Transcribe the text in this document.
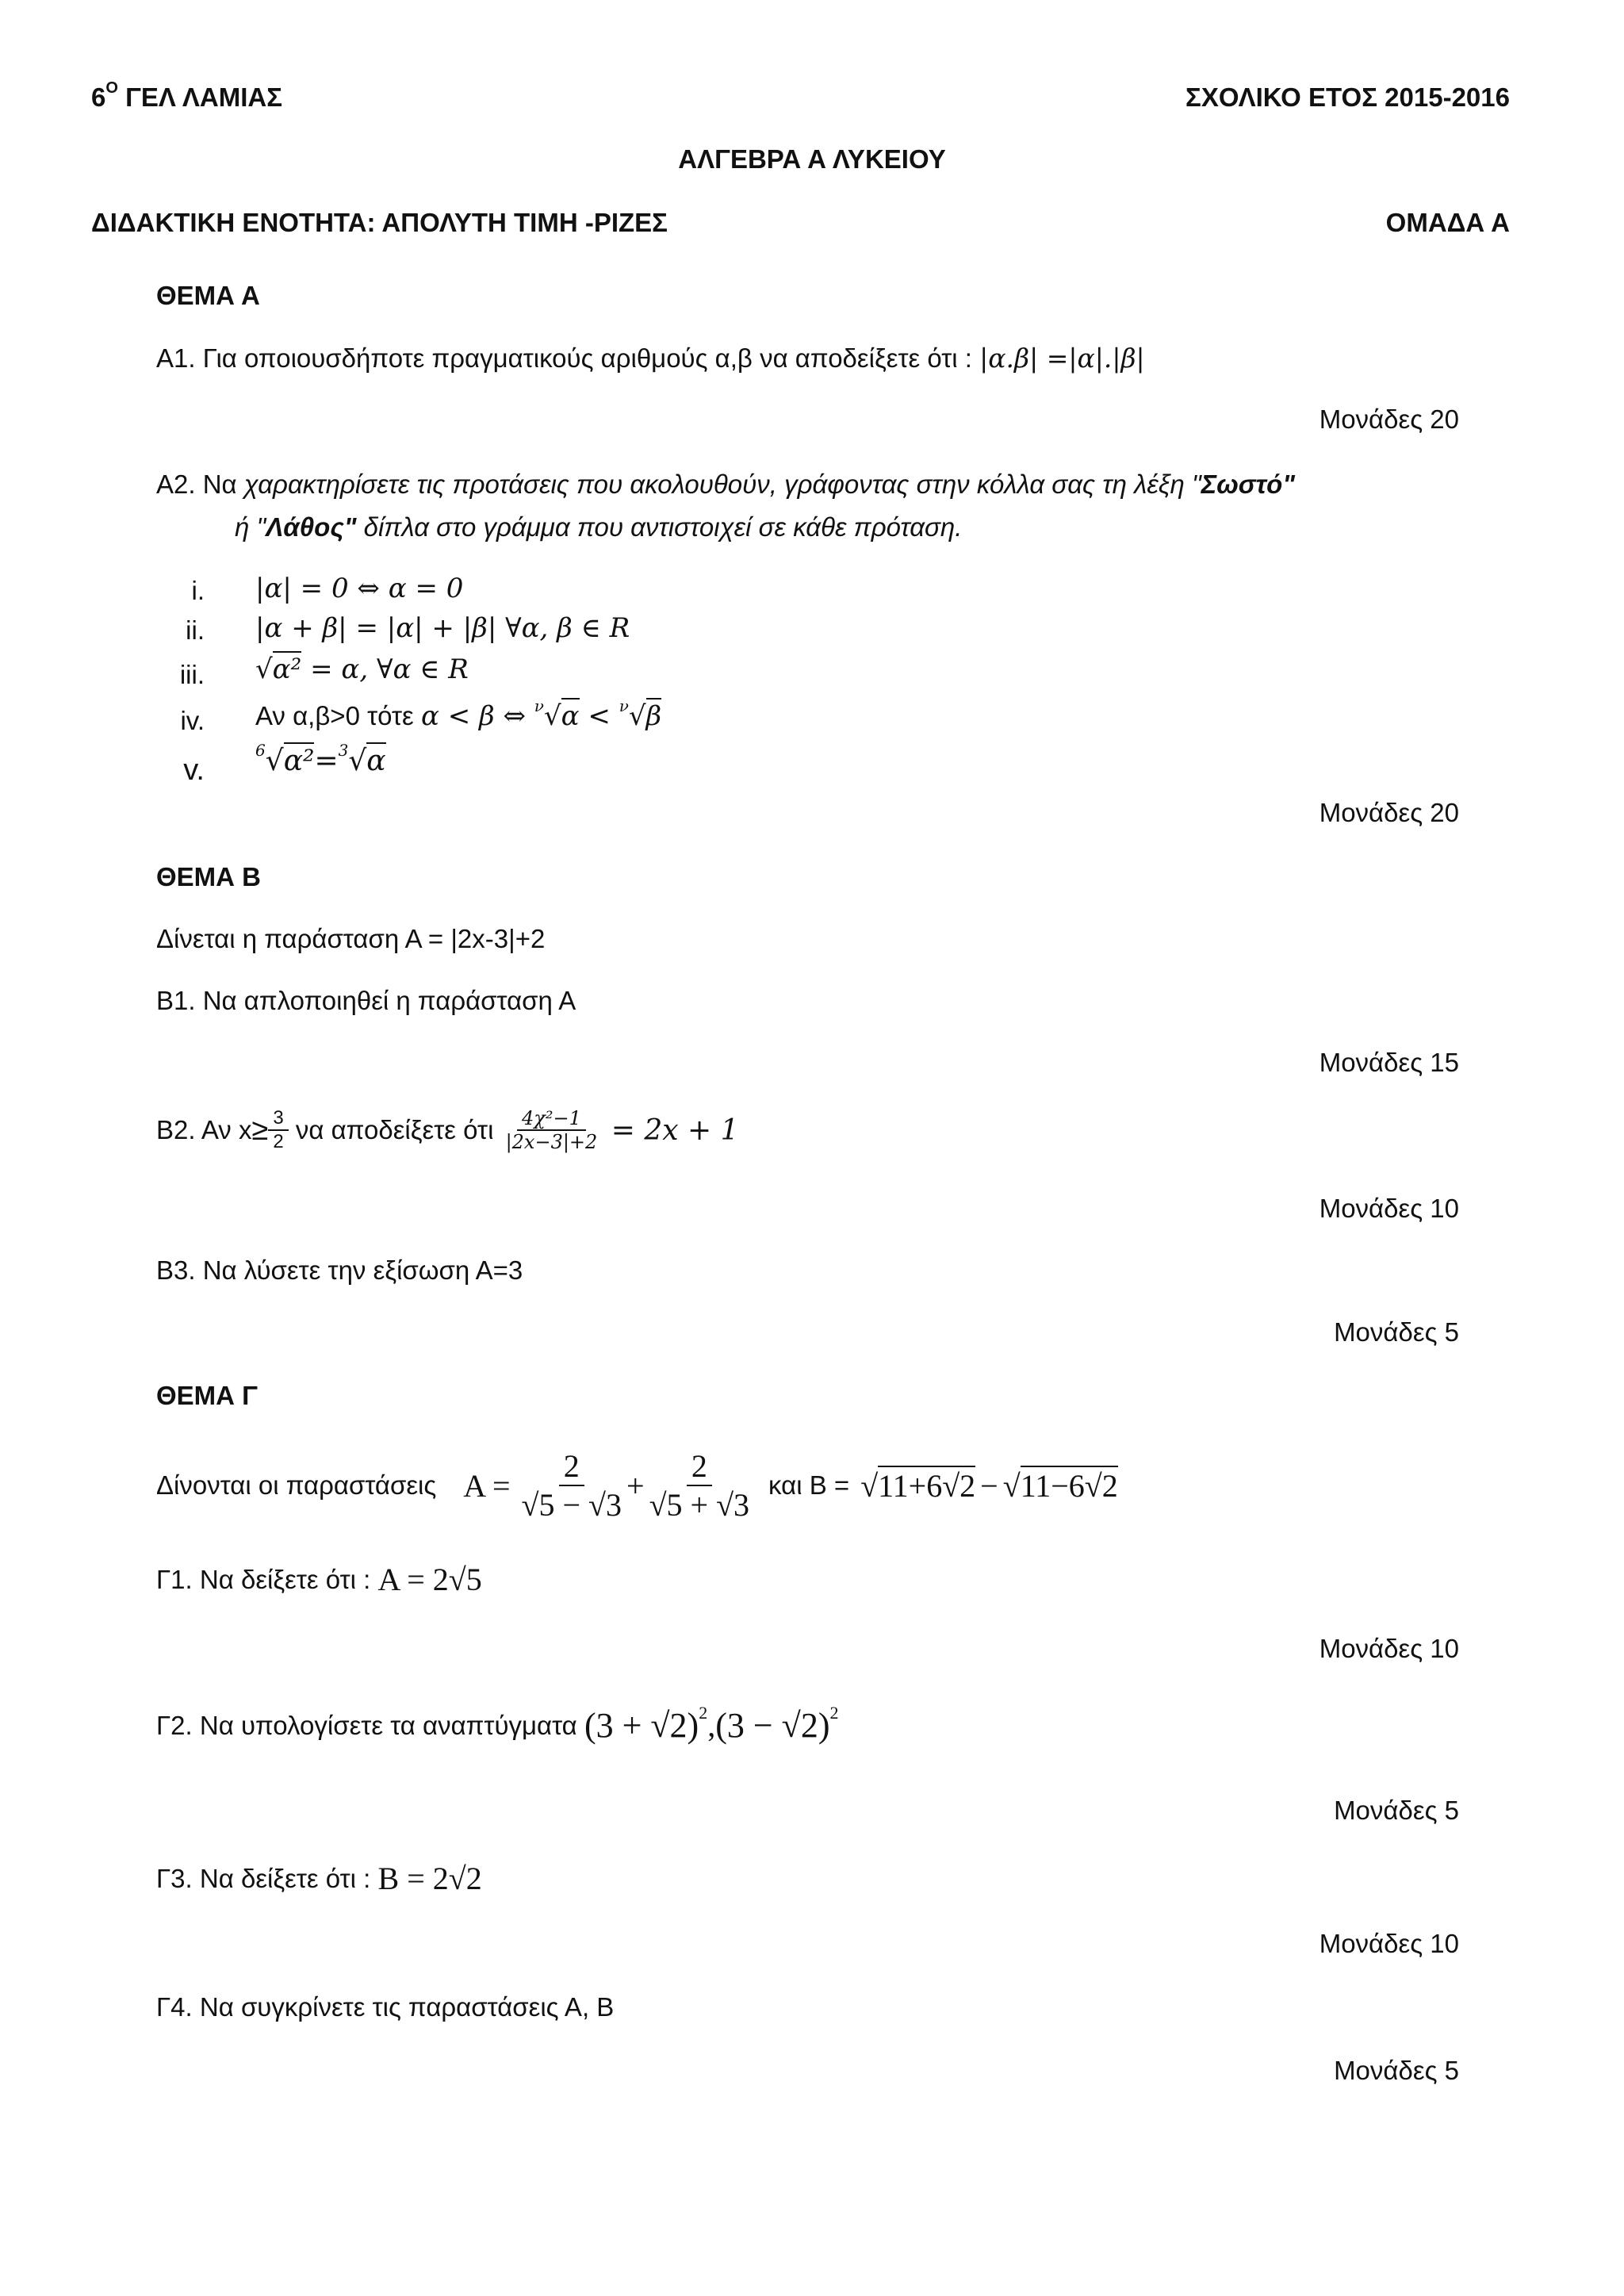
$6^O$ ΓΕΛ ΛΑΜΙΑΣ	ΣΧΟΛΙΚΟ ΕΤΟΣ 2015-2016
ΑΛΓΕΒΡΑ Α ΛΥΚΕΙΟΥ
ΔΙΔΑΚΤΙΚΗ ΕΝΟΤΗΤΑ: ΑΠΟΛΥΤΗ ΤΙΜΗ -ΡΙΖΕΣ	ΟΜΑΔΑ Α
ΘΕΜΑ Α
Α1. Για οποιουσδήποτε πραγματικούς αριθμούς α,β να αποδείξετε ότι : |α.β| =|α|.|β|
Μονάδες 20
Α2. Να χαρακτηρίσετε τις προτάσεις που ακολουθούν, γράφοντας στην κόλλα σας τη λέξη "Σωστό"
ή "Λάθος" δίπλα στο γράμμα που αντιστοιχεί σε κάθε πρόταση.
i. |α| = 0 ⇔ α = 0
ii. |α + β| = |α| + |β| ∀α, β ∈ R
iii. √α² = α, ∀α ∈ R
iv. Αν α,β>0 τότε α < β ⇔ $^\nu$√α < $^\nu$√β
v.
$^6$√α²=$^3$√α
Μονάδες 20
ΘΕΜΑ Β
Δίνεται η παράσταση Α = |2x-3|+2
Β1. Να απλοποιηθεί η παράσταση Α
Μονάδες 15
Β2. Αν $x \ge \frac{3}{2}$ να αποδείξετε ότι $\frac{\text{4χ²−1}}{|2x-3|+2} = 2x + 1$
Μονάδες 10
Β3. Να λύσετε την εξίσωση Α=3
Μονάδες 5
ΘΕΜΑ Γ
Δίνονται οι παραστάσεις $A = \frac{2}{√5 - √3} + \frac{2}{√5 + √3}$ και Β = √11+6√2 − √11−6√2
Γ1. Να δείξετε ότι : Α = 2√5
Μονάδες 10
Γ2. Να υπολογίσετε τα αναπτύγματα (3 + √2) 2 , (3 − √2) 2
Μονάδες 5
Γ3. Να δείξετε ότι : Β = 2√2
Μονάδες 10
Γ4. Να συγκρίνετε τις παραστάσεις Α, Β
Μονάδες 5
